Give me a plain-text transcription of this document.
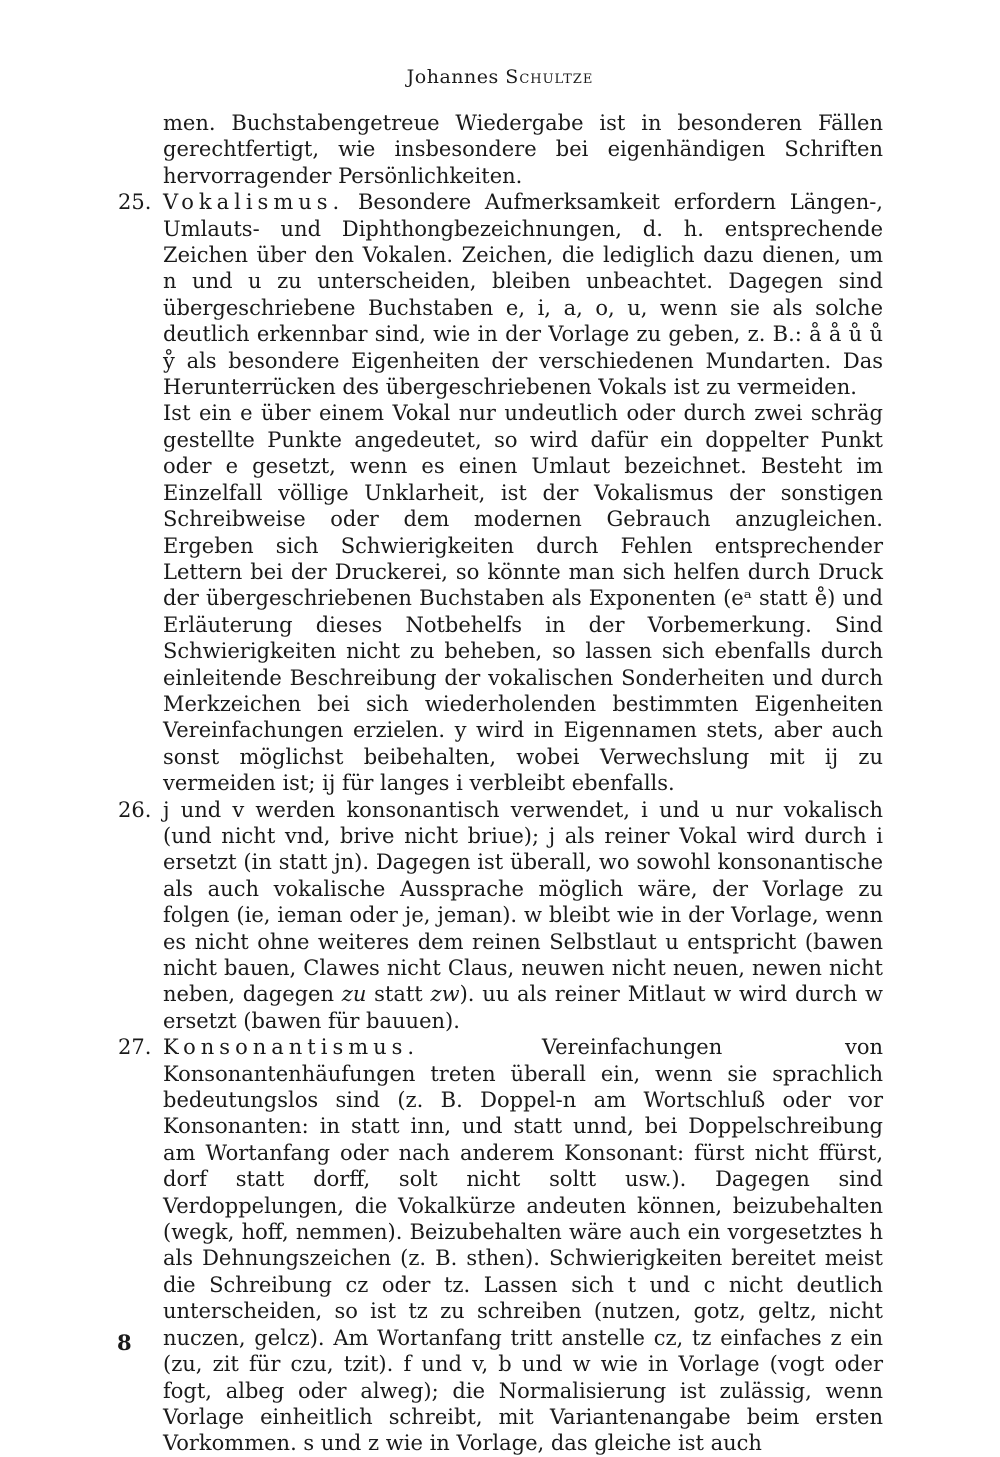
Johannes Schultze

men. Buchstabengetreue Wiedergabe ist in besonderen Fällen gerechtfertigt, wie insbesondere bei eigenhändigen Schriften hervorragender Persönlichkeiten.

25. Vokalismus. Besondere Aufmerksamkeit erfordern Längen-, Umlauts- und Diphthongbezeichnungen, d. h. entsprechende Zeichen über den Vokalen. Zeichen, die lediglich dazu dienen, um n und u zu unterscheiden, bleiben unbeachtet. Dagegen sind übergeschriebene Buchstaben e, i, a, o, u, wenn sie als solche deutlich erkennbar sind, wie in der Vorlage zu geben, z. B.: å å ů ů ẙ als besondere Eigenheiten der verschiedenen Mundarten. Das Herunterrücken des übergeschriebenen Vokals ist zu vermeiden.

Ist ein e über einem Vokal nur undeutlich oder durch zwei schräg gestellte Punkte angedeutet, so wird dafür ein doppelter Punkt oder e gesetzt, wenn es einen Umlaut bezeichnet. Besteht im Einzelfall völlige Unklarheit, ist der Vokalismus der sonstigen Schreibweise oder dem modernen Gebrauch anzugleichen. Ergeben sich Schwierigkeiten durch Fehlen entsprechender Lettern bei der Druckerei, so könnte man sich helfen durch Druck der übergeschriebenen Buchstaben als Exponenten (eᵃ statt e̊) und Erläuterung dieses Notbehelfs in der Vorbemerkung. Sind Schwierigkeiten nicht zu beheben, so lassen sich ebenfalls durch einleitende Beschreibung der vokalischen Sonderheiten und durch Merkzeichen bei sich wiederholenden bestimmten Eigenheiten Vereinfachungen erzielen. y wird in Eigennamen stets, aber auch sonst möglichst beibehalten, wobei Verwechslung mit ij zu vermeiden ist; ij für langes i verbleibt ebenfalls.

26. j und v werden konsonantisch verwendet, i und u nur vokalisch (und nicht vnd, brive nicht briue); j als reiner Vokal wird durch i ersetzt (in statt jn). Dagegen ist überall, wo sowohl konsonantische als auch vokalische Aussprache möglich wäre, der Vorlage zu folgen (ie, ieman oder je, jeman). w bleibt wie in der Vorlage, wenn es nicht ohne weiteres dem reinen Selbstlaut u entspricht (bawen nicht bauen, Clawes nicht Claus, neuwen nicht neuen, newen nicht neben, dagegen zu statt zw). uu als reiner Mitlaut w wird durch w ersetzt (bawen für bauuen).

27. Konsonantismus. Vereinfachungen von Konsonantenhäufungen treten überall ein, wenn sie sprachlich bedeutungslos sind (z. B. Doppel-n am Wortschluß oder vor Konsonanten: in statt inn, und statt unnd, bei Doppelschreibung am Wortanfang oder nach anderem Konsonant: fürst nicht ffürst, dorf statt dorff, solt nicht soltt usw.). Dagegen sind Verdoppelungen, die Vokalkürze andeuten können, beizubehalten (wegk, hoff, nemmen). Beizubehalten wäre auch ein vorgesetztes h als Dehnungszeichen (z. B. sthen). Schwierigkeiten bereitet meist die Schreibung cz oder tz. Lassen sich t und c nicht deutlich unterscheiden, so ist tz zu schreiben (nutzen, gotz, geltz, nicht nuczen, gelcz). Am Wortanfang tritt anstelle cz, tz einfaches z ein (zu, zit für czu, tzit). f und v, b und w wie in Vorlage (vogt oder fogt, albeg oder alweg); die Normalisierung ist zulässig, wenn Vorlage einheitlich schreibt, mit Variantenangabe beim ersten Vorkommen. s und z wie in Vorlage, das gleiche ist auch

8
